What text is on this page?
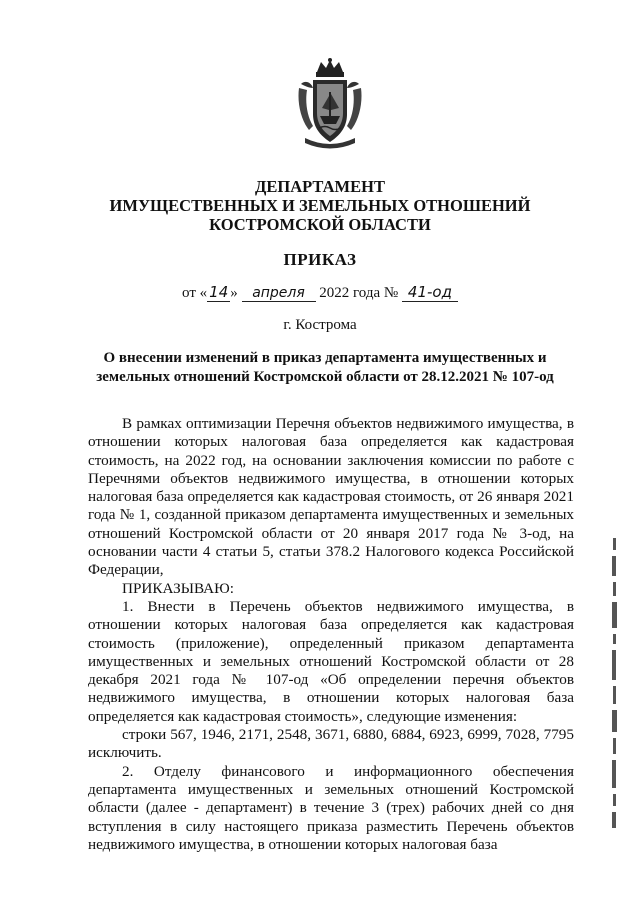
ДЕПАРТАМЕНТ
ИМУЩЕСТВЕННЫХ И ЗЕМЕЛЬНЫХ ОТНОШЕНИЙ
КОСТРОМСКОЙ ОБЛАСТИ
ПРИКАЗ
от « 14 » апреля 2022 года № 41-од
г. Кострома
О внесении изменений в приказ департамента имущественных и земельных отношений Костромской области от 28.12.2021 № 107-од

В рамках оптимизации Перечня объектов недвижимого имущества, в отношении которых налоговая база определяется как кадастровая стоимость, на 2022 год, на основании заключения комиссии по работе с Перечнями объектов недвижимого имущества, в отношении которых налоговая база определяется как кадастровая стоимость, от 26 января 2021 года № 1, созданной приказом департамента имущественных и земельных отношений Костромской области от 20 января 2017 года № 3-од, на основании части 4 статьи 5, статьи 378.2 Налогового кодекса Российской Федерации,

ПРИКАЗЫВАЮ:

1. Внести в Перечень объектов недвижимого имущества, в отношении которых налоговая база определяется как кадастровая стоимость (приложение), определенный приказом департамента имущественных и земельных отношений Костромской области от 28 декабря 2021 года № 107-од «Об определении перечня объектов недвижимого имущества, в отношении которых налоговая база определяется как кадастровая стоимость», следующие изменения:

строки 567, 1946, 2171, 2548, 3671, 6880, 6884, 6923, 6999, 7028, 7795 исключить.

2. Отделу финансового и информационного обеспечения департамента имущественных и земельных отношений Костромской области (далее - департамент) в течение 3 (трех) рабочих дней со дня вступления в силу настоящего приказа разместить Перечень объектов недвижимого имущества, в отношении которых налоговая база
